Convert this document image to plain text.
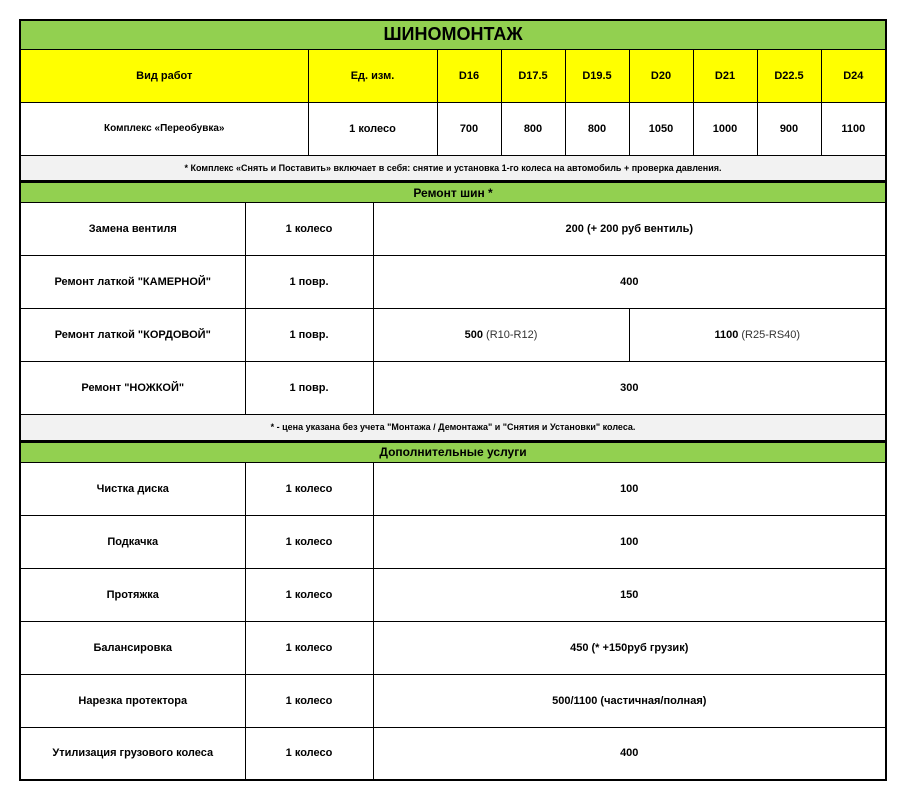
ШИНОМОНТАЖ								
Вид работ	Ед. изм.	D16	D17.5	D19.5	D20	D21	D22.5	D24
Комплекс «Переобувка»	1 колесо	700	800	800	1050	1000	900	1100
* Комплекс «Снять и Поставить» включает в себя: снятие и установка 1-го колеса на автомобиль + проверка давления.								
Ремонт шин *			
Замена вентиля	1 колесо	200 (+ 200 руб вентиль)	
Ремонт латкой "КАМЕРНОЙ"	1 повр.	400	
Ремонт латкой "КОРДОВОЙ"	1 повр.	500 (R10-R12)	1100 (R25-RS40)
Ремонт "НОЖКОЙ"	1 повр.	300	
* - цена указана без учета "Монтажа / Демонтажа" и "Снятия и Установки" колеса.			
Дополнительные услуги		
Чистка диска	1 колесо	100
Подкачка	1 колесо	100
Протяжка	1 колесо	150
Балансировка	1 колесо	450 (* +150руб грузик)
Нарезка протектора	1 колесо	500/1100 (частичная/полная)
Утилизация грузового колеса	1 колесо	400
